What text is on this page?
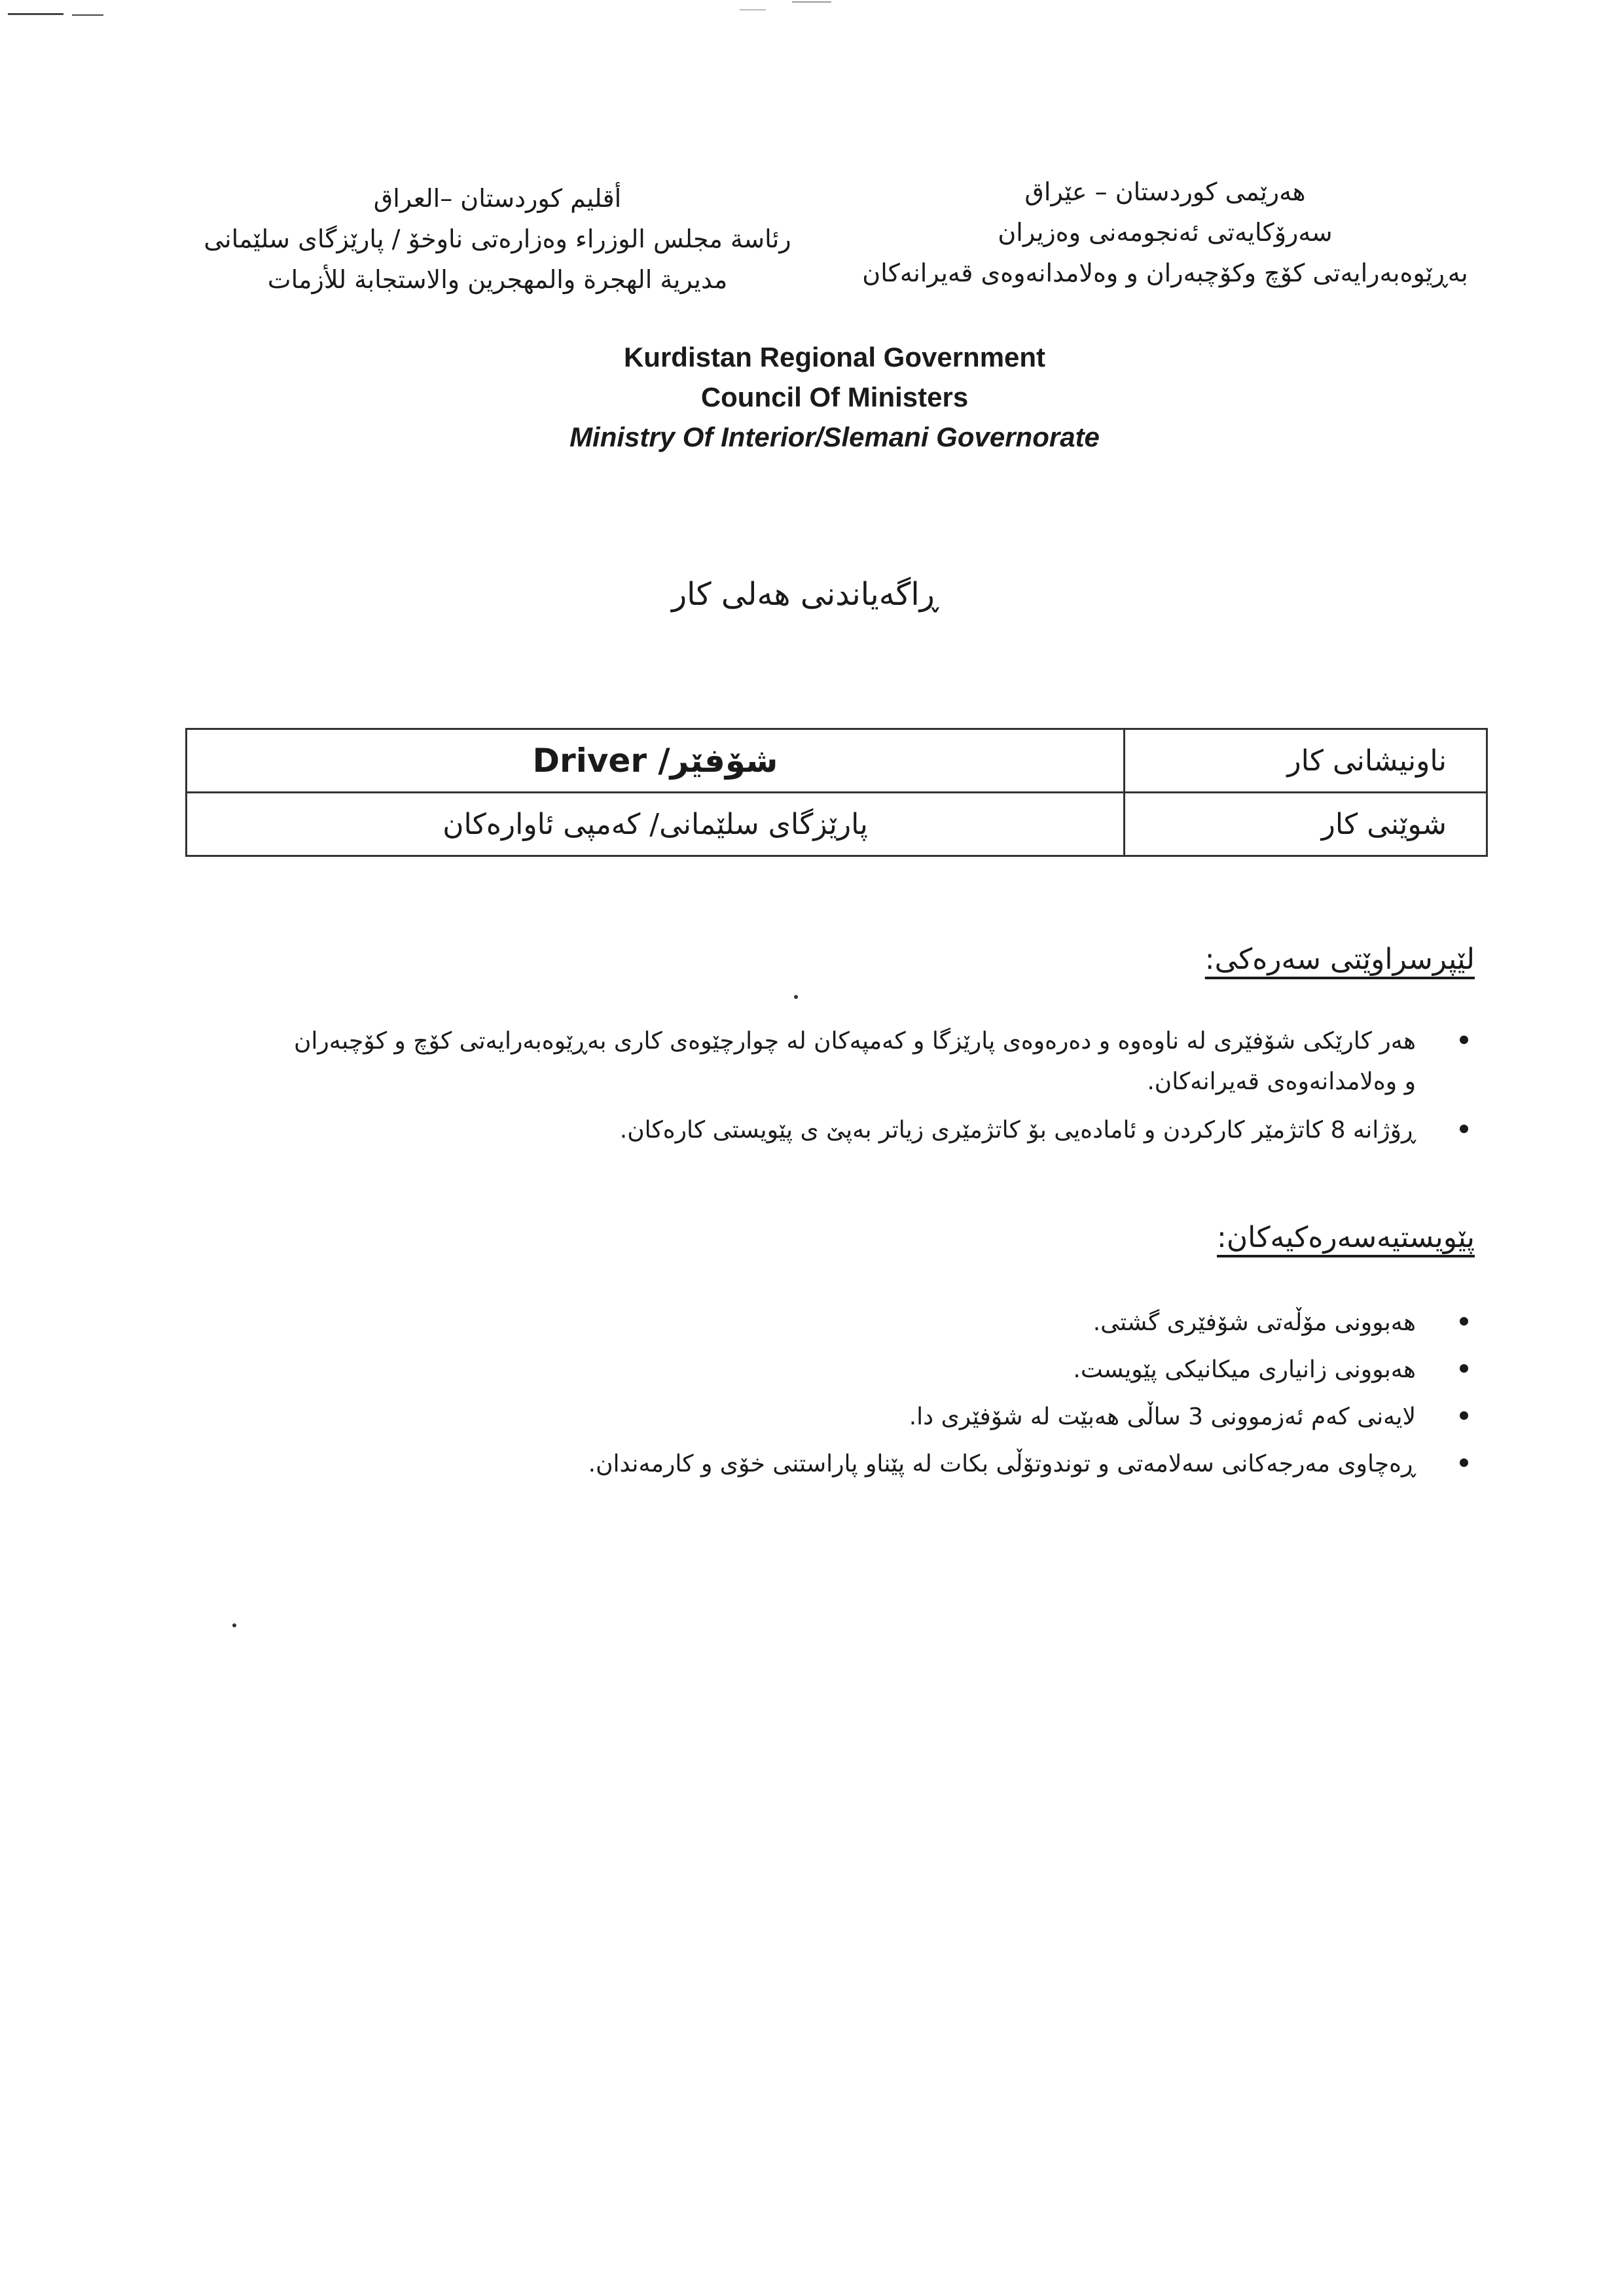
أقليم كوردستان –العراق
رئاسة مجلس الوزراء وەزارەتی ناوخۆ / پارێزگای سلێمانی
مديرية الهجرة والمهجرين والاستجابة للأزمات
هەرێمی کوردستان – عێراق
سەرۆکایەتی ئەنجومەنی وەزیران
بەڕێوەبەرایەتی کۆچ وکۆچبەران و وەلامدانەوەی قەیرانەکان
Kurdistan Regional Government
Council Of Ministers
Ministry Of Interior/Slemani Governorate
ڕاگەیاندنی هەلی کار
ناونیشانی کار	شۆفێر/ Driver
شوێنی کار	پارێزگای سلێمانی/ کەمپی ئاوارەکان
لێپرسراوێتی سەرەکی:
هەر کارێکی شۆفێری لە ناوەوە و دەرەوەی پارێزگا و کەمپەکان لە چوارچێوەی کاری بەڕێوەبەرایەتی کۆچ و کۆچبەران و وەلامدانەوەی قەیرانەکان.
ڕۆژانە 8 کاتژمێر کارکردن و ئامادەیی بۆ کاتژمێری زیاتر بەپێ ی پێویستی کارەکان.
پێویستیەسەرەکیەکان:
هەبوونی مۆڵەتی شۆفێری گشتی.
هەبوونی زانیاری میکانیکی پێویست.
لایەنی کەم ئەزموونی 3 ساڵی هەبێت لە شۆفێری دا.
ڕەچاوی مەرجەکانی سەلامەتی و توندوتۆڵی بکات لە پێناو پاراستنی خۆی و کارمەندان.
